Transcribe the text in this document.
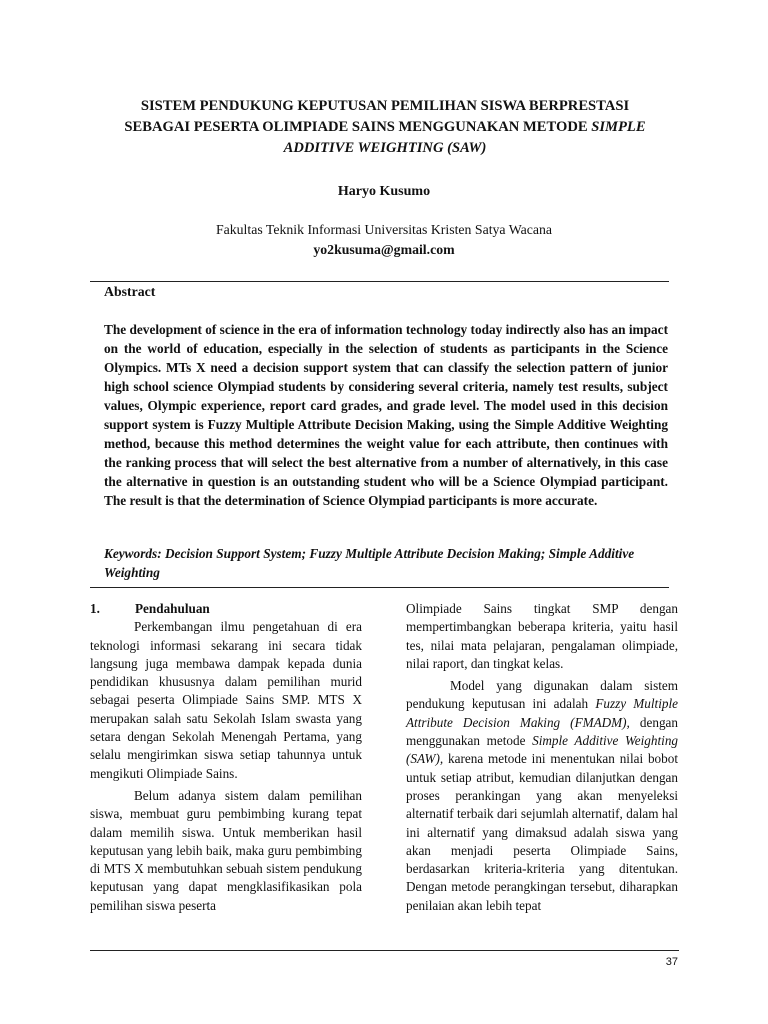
SISTEM PENDUKUNG KEPUTUSAN PEMILIHAN SISWA BERPRESTASI
SEBAGAI PESERTA OLIMPIADE SAINS MENGGUNAKAN METODE SIMPLE
ADDITIVE WEIGHTING (SAW)
Haryo Kusumo
Fakultas Teknik Informasi Universitas Kristen Satya Wacana
yo2kusuma@gmail.com
Abstract
The development of science in the era of information technology today indirectly also has an impact on the world of education, especially in the selection of students as participants in the Science Olympics. MTs X need a decision support system that can classify the selection pattern of junior high school science Olympiad students by considering several criteria, namely test results, subject values, Olympic experience, report card grades, and grade level. The model used in this decision support system is Fuzzy Multiple Attribute Decision Making, using the Simple Additive Weighting method, because this method determines the weight value for each attribute, then continues with the ranking process that will select the best alternative from a number of alternatively, in this case the alternative in question is an outstanding student who will be a Science Olympiad participant. The result is that the determination of Science Olympiad participants is more accurate.
Keywords: Decision Support System; Fuzzy Multiple Attribute Decision Making; Simple Additive Weighting

1.	Pendahuluan

Perkembangan ilmu pengetahuan di era teknologi informasi sekarang ini secara tidak langsung juga membawa dampak kepada dunia pendidikan khususnya dalam pemilihan murid sebagai peserta Olimpiade Sains SMP. MTS X merupakan salah satu Sekolah Islam swasta yang setara dengan Sekolah Menengah Pertama, yang selalu mengirimkan siswa setiap tahunnya untuk mengikuti Olimpiade Sains.

Belum adanya sistem dalam pemilihan siswa, membuat guru pembimbing kurang tepat dalam memilih siswa. Untuk memberikan hasil keputusan yang lebih baik, maka guru pembimbing di MTS X membutuhkan sebuah sistem pendukung keputusan yang dapat mengklasifikasikan pola pemilihan siswa peserta

Olimpiade Sains tingkat SMP dengan mempertimbangkan beberapa kriteria, yaitu hasil tes, nilai mata pelajaran, pengalaman olimpiade, nilai raport, dan tingkat kelas.

Model yang digunakan dalam sistem pendukung keputusan ini adalah Fuzzy Multiple Attribute Decision Making (FMADM), dengan menggunakan metode Simple Additive Weighting (SAW), karena metode ini menentukan nilai bobot untuk setiap atribut, kemudian dilanjutkan dengan proses perankingan yang akan menyeleksi alternatif terbaik dari sejumlah alternatif, dalam hal ini alternatif yang dimaksud adalah siswa yang akan menjadi peserta Olimpiade Sains, berdasarkan kriteria-kriteria yang ditentukan. Dengan metode perangkingan tersebut, diharapkan penilaian akan lebih tepat

37
